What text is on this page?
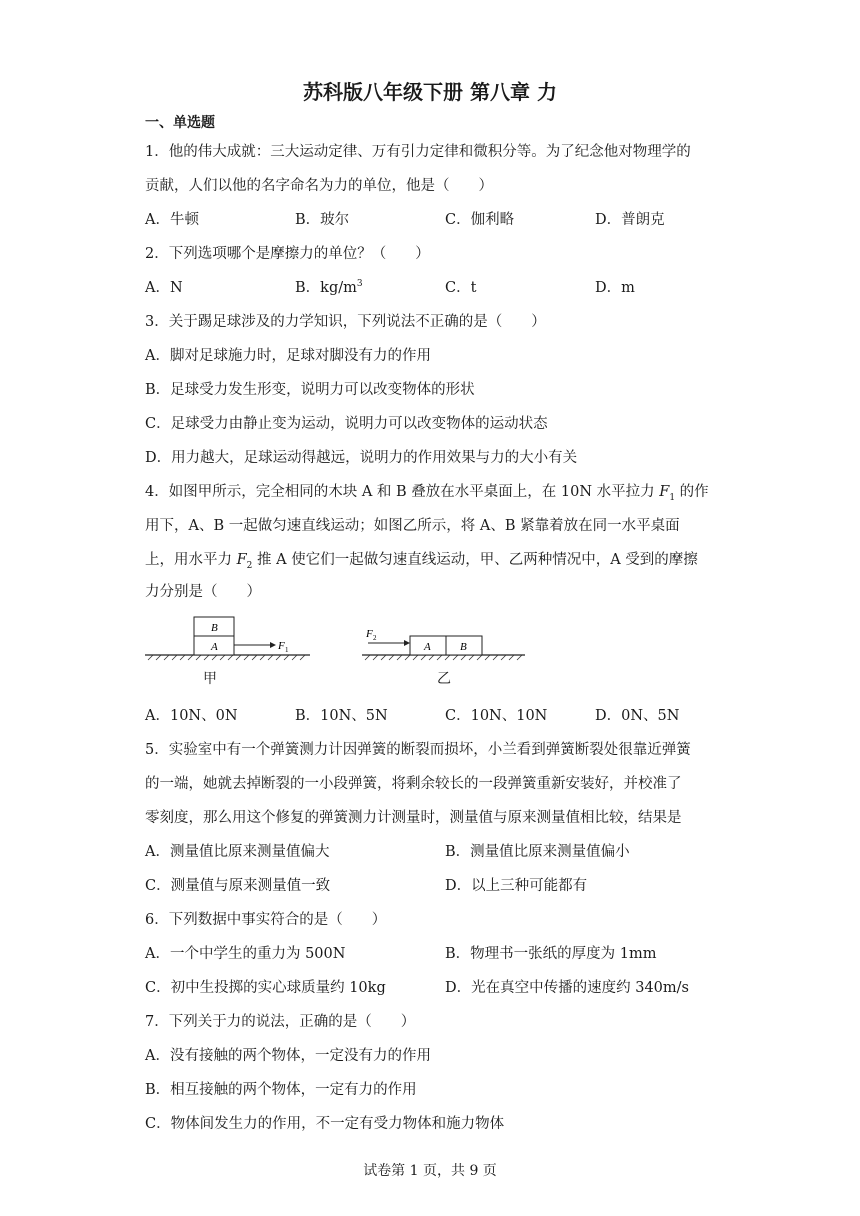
苏科版八年级下册 第八章 力
一、单选题
1．他的伟大成就：三大运动定律、万有引力定律和微积分等。为了纪念他对物理学的
贡献，人们以他的名字命名为力的单位，他是（　　）
A．牛顿	B．玻尔	C．伽利略	D．普朗克
2．下列选项哪个是摩擦力的单位？（　　）
A．N	B．$kg/m^3$	C．t	D．m
3．关于踢足球涉及的力学知识，下列说法不正确的是（　　）
A．脚对足球施力时，足球对脚没有力的作用
B．足球受力发生形变，说明力可以改变物体的形状
C．足球受力由静止变为运动，说明力可以改变物体的运动状态
D．用力越大，足球运动得越远，说明力的作用效果与力的大小有关
4．如图甲所示，完全相同的木块 A 和 B 叠放在水平桌面上，在 10N 水平拉力 $F_1$ 的作
用下，A、B 一起做匀速直线运动；如图乙所示，将 A、B 紧靠着放在同一水平桌面
上，用水平力 $F_2$ 推 A 使它们一起做匀速直线运动，甲、乙两种情况中，A 受到的摩擦
力分别是（　　）
B
A	F 1	A	B
F 2
甲	乙
A．10N、0N	B．10N、5N	C．10N、10N	D．0N、5N
5．实验室中有一个弹簧测力计因弹簧的断裂而损坏，小兰看到弹簧断裂处很靠近弹簧
的一端，她就去掉断裂的一小段弹簧，将剩余较长的一段弹簧重新安装好，并校准了
零刻度，那么用这个修复的弹簧测力计测量时，测量值与原来测量值相比较，结果是
A．测量值比原来测量值偏大	B．测量值比原来测量值偏小
C．测量值与原来测量值一致	D．以上三种可能都有
6．下列数据中事实符合的是（　　）
A．一个中学生的重力为 500N	B．物理书一张纸的厚度为 1mm
C．初中生投掷的实心球质量约 10kg	D．光在真空中传播的速度约 340m/s
7．下列关于力的说法，正确的是（　　）
A．没有接触的两个物体，一定没有力的作用
B．相互接触的两个物体，一定有力的作用
C．物体间发生力的作用，不一定有受力物体和施力物体
试卷第 1 页，共 9 页
